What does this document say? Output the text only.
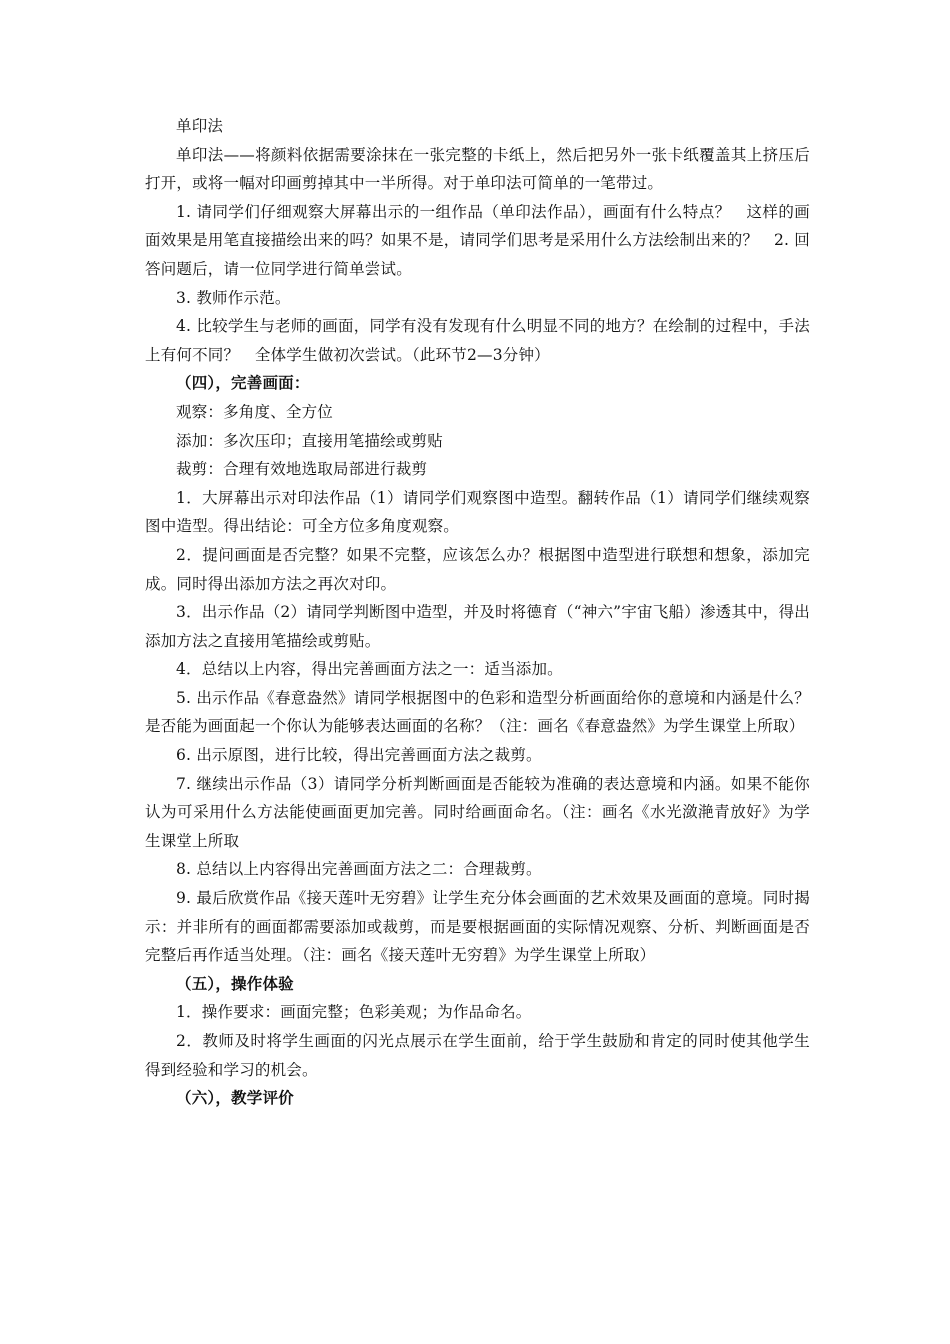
单印法

单印法——将颜料依据需要涂抹在一张完整的卡纸上，然后把另外一张卡纸覆盖其上挤压后打开，或将一幅对印画剪掉其中一半所得。对于单印法可简单的一笔带过。

1. 请同学们仔细观察大屏幕出示的一组作品（单印法作品），画面有什么特点？　这样的画面效果是用笔直接描绘出来的吗？如果不是，请同学们思考是采用什么方法绘制出来的？　2. 回答问题后，请一位同学进行简单尝试。

3. 教师作示范。

4. 比较学生与老师的画面，同学有没有发现有什么明显不同的地方？在绘制的过程中，手法上有何不同？　全体学生做初次尝试。（此环节2—3分钟）

（四），完善画面：

观察：多角度、全方位

添加：多次压印；直接用笔描绘或剪贴

裁剪：合理有效地选取局部进行裁剪

1．大屏幕出示对印法作品（1）请同学们观察图中造型。翻转作品（1）请同学们继续观察图中造型。得出结论：可全方位多角度观察。

2．提问画面是否完整？如果不完整，应该怎么办？根据图中造型进行联想和想象，添加完成。同时得出添加方法之再次对印。

3．出示作品（2）请同学判断图中造型，并及时将德育（“神六”宇宙飞船）渗透其中，得出添加方法之直接用笔描绘或剪贴。

4．总结以上内容，得出完善画面方法之一：适当添加。

5. 出示作品《春意盎然》请同学根据图中的色彩和造型分析画面给你的意境和内涵是什么？是否能为画面起一个你认为能够表达画面的名称？（注：画名《春意盎然》为学生课堂上所取）

6. 出示原图，进行比较，得出完善画面方法之裁剪。

7. 继续出示作品（3）请同学分析判断画面是否能较为准确的表达意境和内涵。如果不能你认为可采用什么方法能使画面更加完善。同时给画面命名。（注：画名《水光潋滟青放好》为学生课堂上所取

8. 总结以上内容得出完善画面方法之二：合理裁剪。

9. 最后欣赏作品《接天莲叶无穷碧》让学生充分体会画面的艺术效果及画面的意境。同时揭示：并非所有的画面都需要添加或裁剪，而是要根据画面的实际情况观察、分析、判断画面是否完整后再作适当处理。（注：画名《接天莲叶无穷碧》为学生课堂上所取）

（五），操作体验

1．操作要求：画面完整；色彩美观；为作品命名。

2．教师及时将学生画面的闪光点展示在学生面前，给于学生鼓励和肯定的同时使其他学生得到经验和学习的机会。

（六），教学评价
